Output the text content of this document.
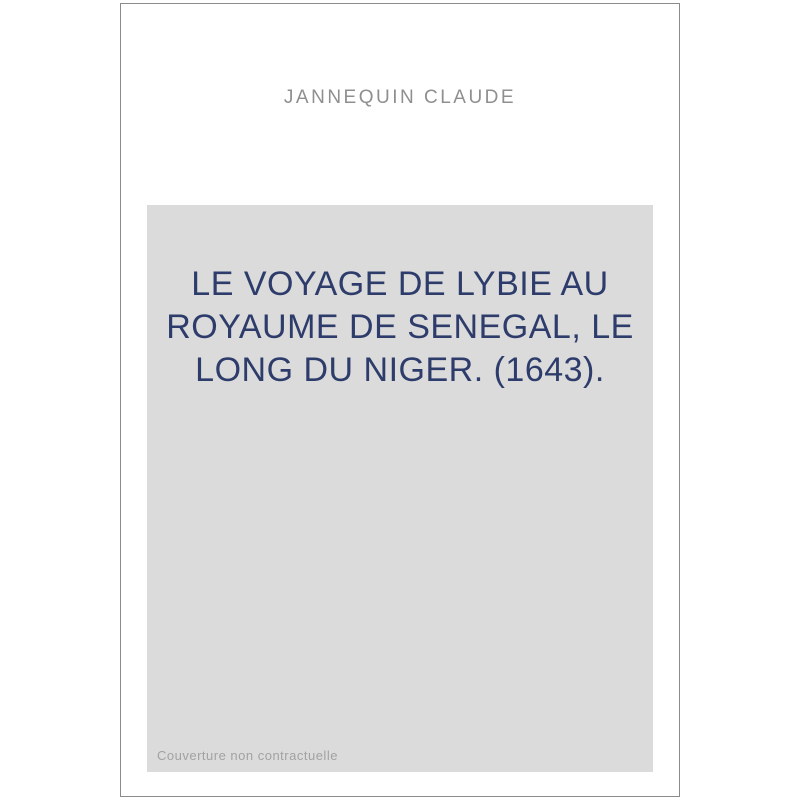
JANNEQUIN CLAUDE
LE VOYAGE DE LYBIE AU
ROYAUME DE SENEGAL, LE
LONG DU NIGER. (1643).
Couverture non contractuelle
